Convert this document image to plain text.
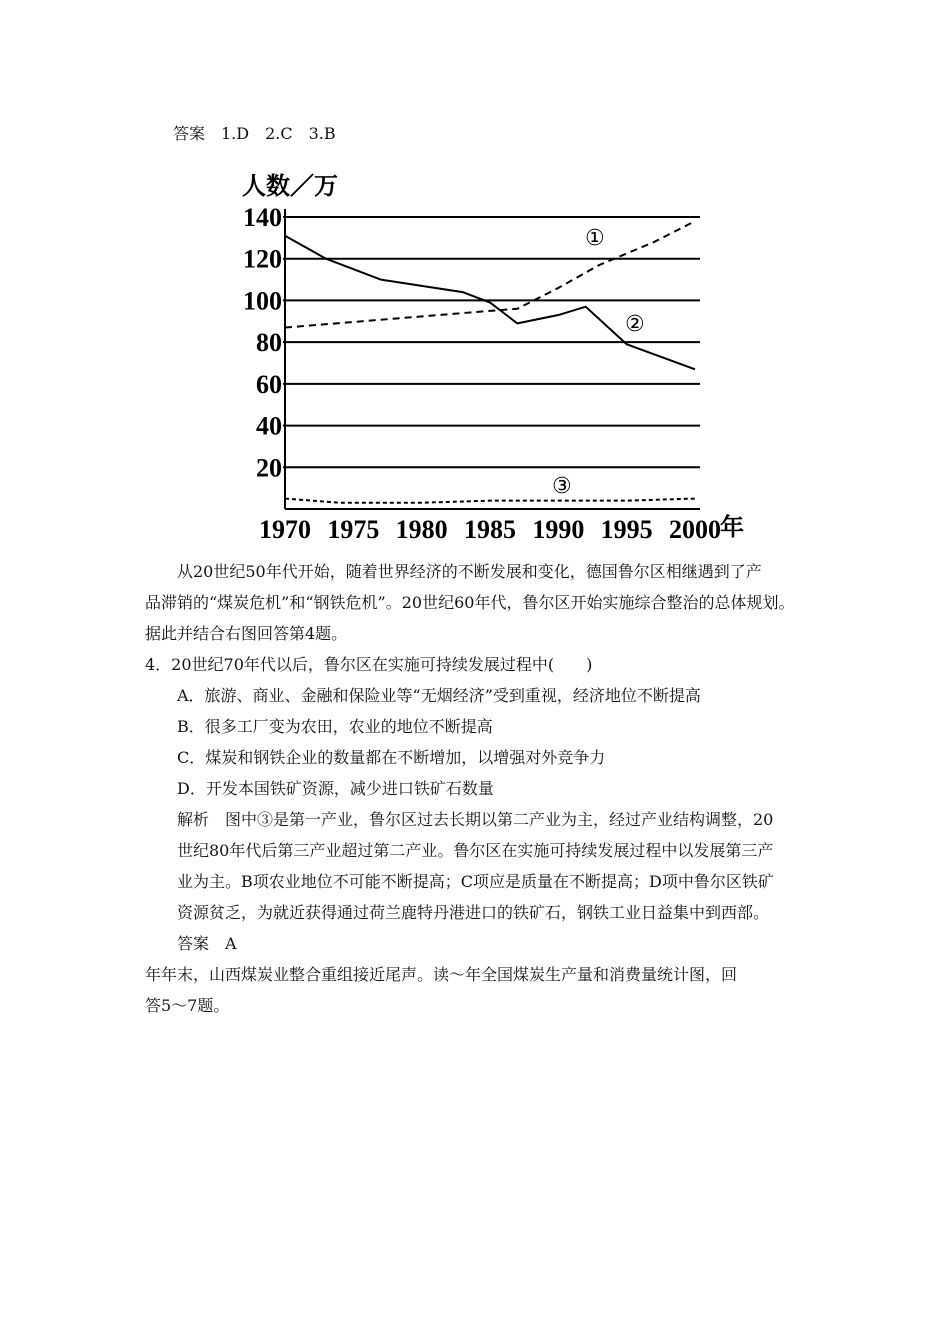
答案　1.D　2.C　3.B
人数／万
140
120
100
80
60
40
20
1970 1975 1980 1985 1990 1995 2000 年
①
②
③
从20世纪50年代开始，随着世界经济的不断发展和变化，德国鲁尔区相继遇到了产
品滞销的“煤炭危机”和“钢铁危机”。20世纪60年代，鲁尔区开始实施综合整治的总体规划。
据此并结合右图回答第4题。
4．20世纪70年代以后，鲁尔区在实施可持续发展过程中(　　)
A．旅游、商业、金融和保险业等“无烟经济”受到重视，经济地位不断提高
B．很多工厂变为农田，农业的地位不断提高
C．煤炭和钢铁企业的数量都在不断增加，以增强对外竞争力
D．开发本国铁矿资源，减少进口铁矿石数量
解析　图中③是第一产业，鲁尔区过去长期以第二产业为主，经过产业结构调整，20
世纪80年代后第三产业超过第二产业。鲁尔区在实施可持续发展过程中以发展第三产
业为主。B项农业地位不可能不断提高；C项应是质量在不断提高；D项中鲁尔区铁矿
资源贫乏，为就近获得通过荷兰鹿特丹港进口的铁矿石，钢铁工业日益集中到西部。
答案　A
年年末，山西煤炭业整合重组接近尾声。读～年全国煤炭生产量和消费量统计图，回
答5～7题。
